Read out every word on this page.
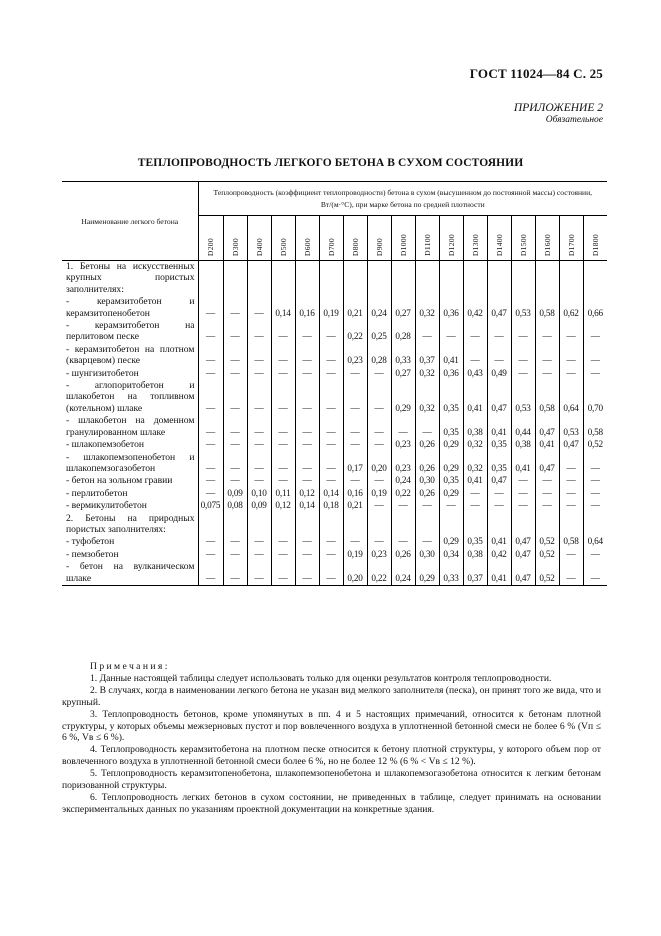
ГОСТ 11024—84 С. 25
ПРИЛОЖЕНИЕ 2
Обязательное
ТЕПЛОПРОВОДНОСТЬ ЛЕГКОГО БЕТОНА В СУХОМ СОСТОЯНИИ
Наименование легкого бетона	Теплопроводность (коэффициент теплопроводности) бетона в сухом (высушенном до постоянной массы) состоянии, Вт/(м·°С), при марке бетона по средней плотности																

	D200	D300	D400	D500	D600	D700	D800	D900	D1000	D1100	D1200	D1300	D1400	D1500	D1600	D1700	D1800

1. Бетоны на искусственных крупных пористых заполнителях:																	
- керамзитобетон и керамзитопенобетон	—	—	—	0,14	0,16	0,19	0,21	0,24	0,27	0,32	0,36	0,42	0,47	0,53	0,58	0,62	0,66
- керамзитобетон на перлитовом песке	—	—	—	—	—	—	0,22	0,25	0,28	—	—	—	—	—	—	—	—
- керамзитобетон на плотном (кварцевом) песке	—	—	—	—	—	—	0,23	0,28	0,33	0,37	0,41	—	—	—	—	—	—
- шунгизитобетон	—	—	—	—	—	—	—	—	0,27	0,32	0,36	0,43	0,49	—	—	—	—
- аглопоритобетон и шлакобетон на топливном (котельном) шлаке	—	—	—	—	—	—	—	—	0,29	0,32	0,35	0,41	0,47	0,53	0,58	0,64	0,70
- шлакобетон на доменном гранулированном шлаке	—	—	—	—	—	—	—	—	—	—	0,35	0,38	0,41	0,44	0,47	0,53	0,58
- шлакопемзобетон	—	—	—	—	—	—	—	—	0,23	0,26	0,29	0,32	0,35	0,38	0,41	0,47	0,52
- шлакопемзопенобетон и шлакопемзогазобетон	—	—	—	—	—	—	0,17	0,20	0,23	0,26	0,29	0,32	0,35	0,41	0,47	—	—
- бетон на зольном гравии	—	—	—	—	—	—	—	—	0,24	0,30	0,35	0,41	0,47	—	—	—	—
- перлитобетон	—	0,09	0,10	0,11	0,12	0,14	0,16	0,19	0,22	0,26	0,29	—	—	—	—	—	—
- вермикулитобетон	0,075	0,08	0,09	0,12	0,14	0,18	0,21	—	—	—	—	—	—	—	—	—	—
2. Бетоны на природных пористых заполнителях:																	
- туфобетон	—	—	—	—	—	—	—	—	—	—	0,29	0,35	0,41	0,47	0,52	0,58	0,64
- пемзобетон	—	—	—	—	—	—	0,19	0,23	0,26	0,30	0,34	0,38	0,42	0,47	0,52	—	—
- бетон на вулканическом шлаке	—	—	—	—	—	—	0,20	0,22	0,24	0,29	0,33	0,37	0,41	0,47	0,52	—	—
Примечания:

1. Данные настоящей таблицы следует использовать только для оценки результатов контроля теплопроводности.

2. В случаях, когда в наименовании легкого бетона не указан вид мелкого заполнителя (песка), он принят того же вида, что и крупный.

3. Теплопроводность бетонов, кроме упомянутых в пп. 4 и 5 настоящих примечаний, относится к бетонам плотной структуры, у которых объемы межзерновых пустот и пор вовлеченного воздуха в уплотненной бетонной смеси не более 6 % (Vп ≤ 6 %, Vв ≤ 6 %).

4. Теплопроводность керамзитобетона на плотном песке относится к бетону плотной структуры, у которого объем пор от вовлеченного воздуха в уплотненной бетонной смеси более 6 %, но не более 12 % (6 % < Vв ≤ 12 %).

5. Теплопроводность керамзитопенобетона, шлакопемзопенобетона и шлакопемзогазобетона относится к легким бетонам поризованной структуры.

6. Теплопроводность легких бетонов в сухом состоянии, не приведенных в таблице, следует принимать на основании экспериментальных данных по указаниям проектной документации на конкретные здания.
